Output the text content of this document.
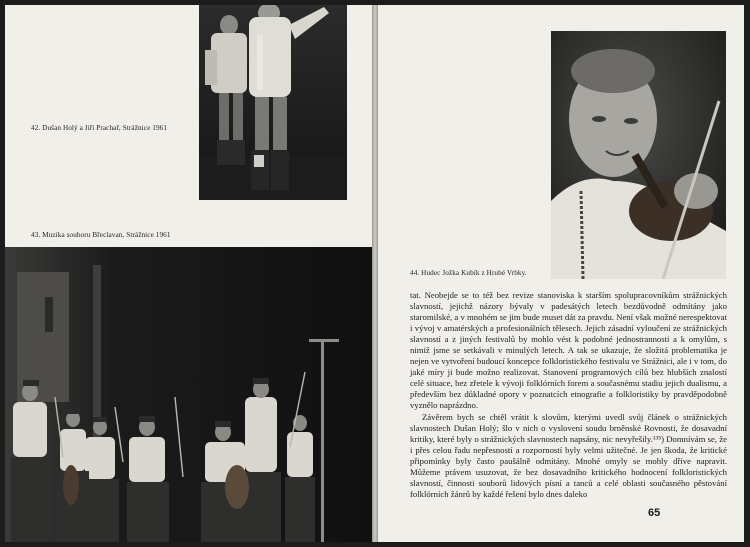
42. Dušan Holý a Jiří Prachař, Strážnice 1961
43. Muzika souboru Břeclavan, Strážnice 1961
44. Hudec Jožka Kubík z Hrubé Vrbky.

tat. Neobejde se to též bez revize stanoviska k starším spolupracovníkům strážnických slavností, jejichž názory bývaly v padesátých letech bezdůvodně odmítány jako staromilské, a v mnohém se jim bude muset dát za pravdu. Není však možné nerespektovat i vývoj v amatérských a profesionálních tělesech. Jejich zásadní vyloučení ze strážnických slavností a z jiných festivalů by mohlo vést k podobné jednostrannosti a k omylům, s nimiž jsme se setkávali v minulých letech. A tak se ukazuje, že složitá problematika je nejen ve vytvoření budoucí koncepce folkloristického festivalu ve Strážnici, ale i v tom, do jaké míry ji bude možno realizovat. Stanovení programových cílů bez hlubších znalostí celé situace, bez zřetele k vývoji folklórních forem a současnému stadiu jejich dualismu, a především bez důkladné opory v poznatcích etnografie a folkloristiky by pravděpodobně vyznělo naprázdno.

Závěrem bych se chtěl vrátit k slovům, kterými uvedl svůj článek o strážnických slavnostech Dušan Holý; šlo v nich o vyslovení soudu brněnské Rovnosti, že dosavadní kritiky, které byly o strážnických slavnostech napsány, nic nevyřešily.¹³⁵) Domnívám se, že i přes celou řadu nepřesností a rozporností byly velmi užitečné. Je jen škoda, že kritické připomínky byly často paušálně odmítány. Mnohé omyly se mohly dříve napravit. Můžeme právem usuzovat, že bez dosavadního kritického hodnocení folkloristických slavností, činnosti souborů lidových písní a tanců a celé oblasti současného pěstování folklórních žánrů by každé řešení bylo dnes daleko

65
